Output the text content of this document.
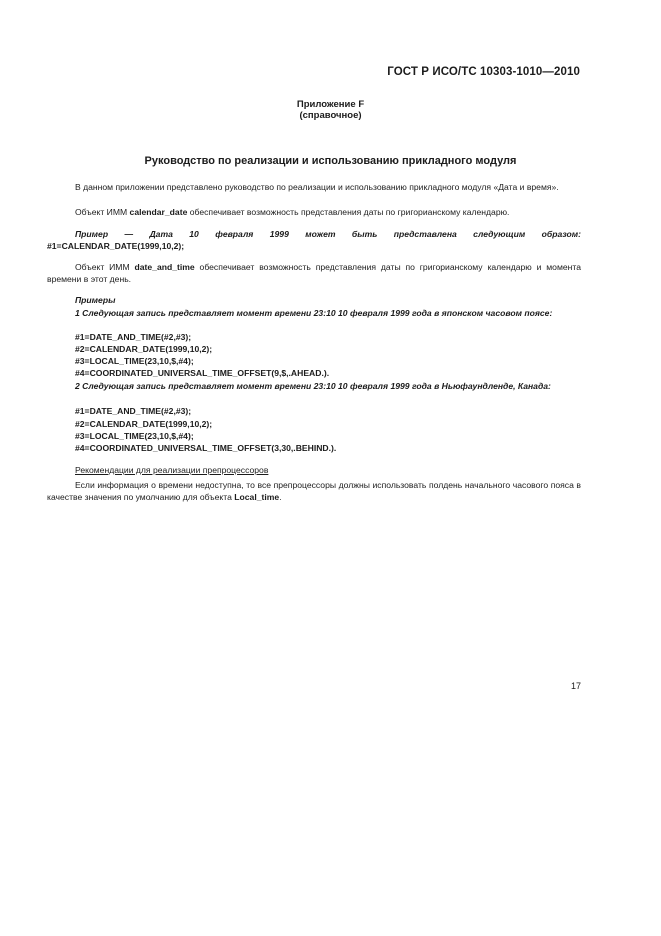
ГОСТ Р ИСО/ТС 10303-1010—2010
Приложение F
(справочное)
Руководство по реализации и использованию прикладного модуля
В данном приложении представлено руководство по реализации и использованию прикладного модуля «Дата и время».
Объект ИММ calendar_date обеспечивает возможность представления даты по григорианскому календарю.
Пример — Дата 10 февраля 1999 может быть представлена следующим образом:
#1=CALENDAR_DATE(1999,10,2);
Объект ИММ date_and_time обеспечивает возможность представления даты по григорианскому календарю и момента времени в этот день.
Примеры
1 Следующая запись представляет момент времени 23:10 10 февраля 1999 года в японском часовом поясе:
#1=DATE_AND_TIME(#2,#3);
#2=CALENDAR_DATE(1999,10,2);
#3=LOCAL_TIME(23,10,$,#4);
#4=COORDINATED_UNIVERSAL_TIME_OFFSET(9,$,.AHEAD.).
2 Следующая запись представляет момент времени 23:10 10 февраля 1999 года в Ньюфаундленде, Канада:
#1=DATE_AND_TIME(#2,#3);
#2=CALENDAR_DATE(1999,10,2);
#3=LOCAL_TIME(23,10,$,#4);
#4=COORDINATED_UNIVERSAL_TIME_OFFSET(3,30,.BEHIND.).
Рекомендации для реализации препроцессоров
Если информация о времени недоступна, то все препроцессоры должны использовать полдень начального часового пояса в качестве значения по умолчанию для объекта Local_time.
17
